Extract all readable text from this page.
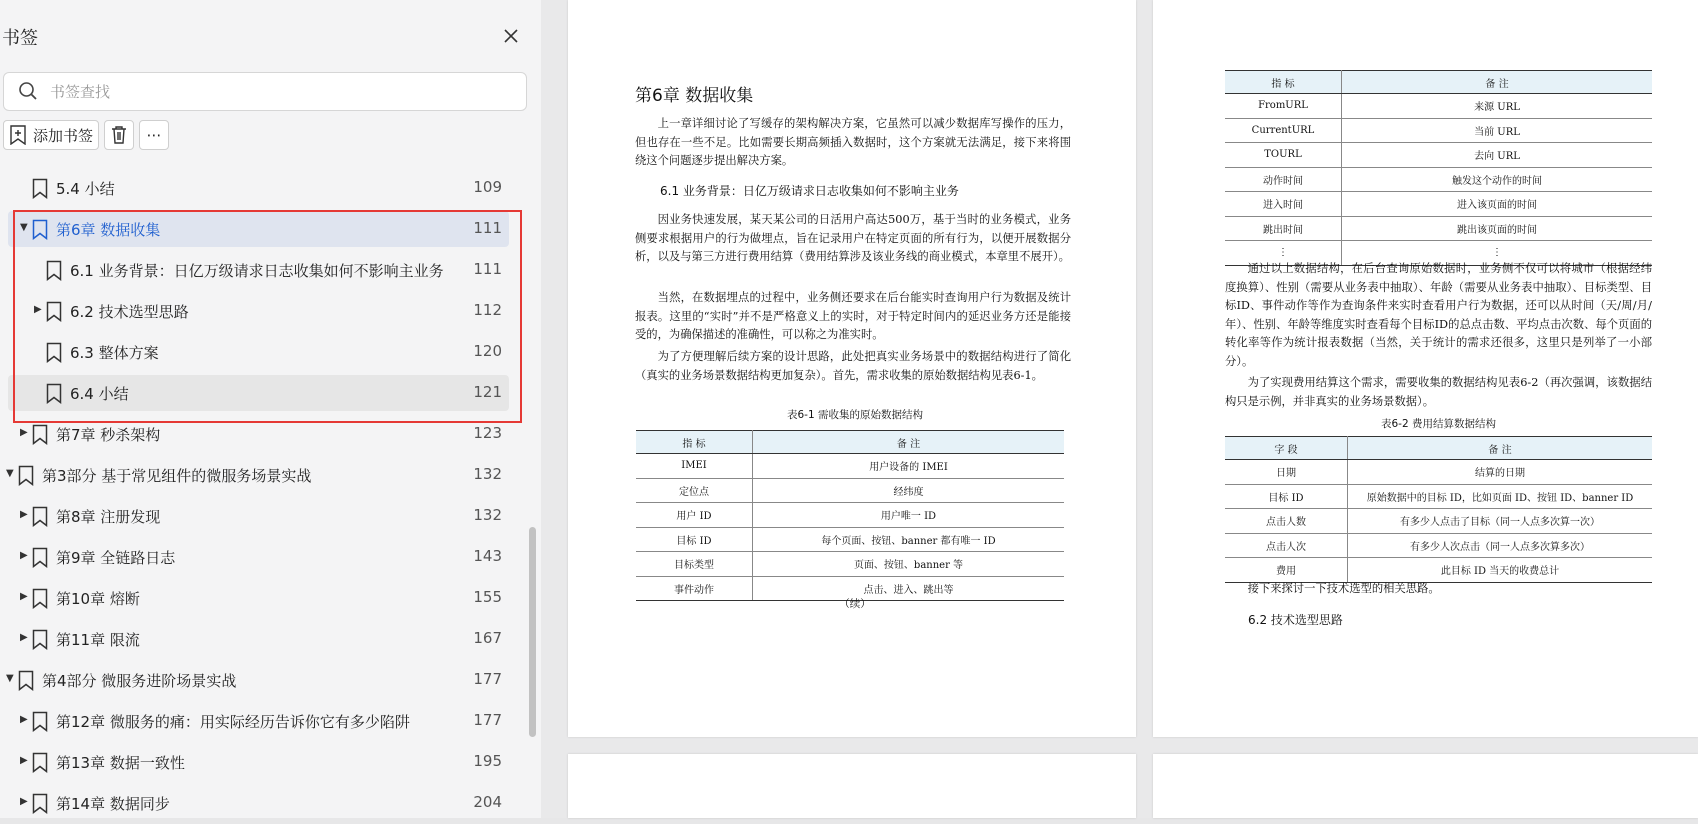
书签
书签查找
添加书签	⋯
5.4 小结	109
▼ 第6章 数据收集	111
6.1 业务背景：日亿万级请求日志收集如何不影响主业务 111
▶ 6.2 技术选型思路	112
6.3 整体方案	120
6.4 小结	121
▶ 第7章 秒杀架构	123
▼ 第3部分 基于常见组件的微服务场景实战	132
▶ 第8章 注册发现	132
▶ 第9章 全链路日志	143
▶ 第10章 熔断	155
▶ 第11章 限流	167
▼ 第4部分 微服务进阶场景实战	177
▶ 第12章 微服务的痛：用实际经历告诉你它有多少陷阱	177
▶ 第13章 数据一致性	195
▶ 第14章 数据同步	204
第6章 数据收集
上一章详细讨论了写缓存的架构解决方案，它虽然可以减少数据库写操作的压力，但也存在一些不足。比如需要长期高频插入数据时，这个方案就无法满足，接下来将围绕这个问题逐步提出解决方案。
6.1 业务背景：日亿万级请求日志收集如何不影响主业务
因业务快速发展，某天某公司的日活用户高达500万，基于当时的业务模式，业务侧要求根据用户的行为做埋点，旨在记录用户在特定页面的所有行为，以便开展数据分析，以及与第三方进行费用结算（费用结算涉及该业务线的商业模式，本章里不展开）。
当然，在数据埋点的过程中，业务侧还要求在后台能实时查询用户行为数据及统计报表。这里的“实时”并不是严格意义上的实时，对于特定时间内的延迟业务方还是能接受的，为确保描述的准确性，可以称之为准实时。
为了方便理解后续方案的设计思路，此处把真实业务场景中的数据结构进行了简化（真实的业务场景数据结构更加复杂）。首先，需求收集的原始数据结构见表6-1。
表6-1 需收集的原始数据结构
指 标	备 注
IMEI	用户设备的 IMEI
定位点	经纬度
用户 ID	用户唯一 ID
目标 ID	每个页面、按钮、banner 都有唯一 ID
目标类型	页面、按钮、banner 等
事件动作	点击、进入、跳出等
（续）
指 标	备 注
FromURL	来源 URL
CurrentURL	当前 URL
TOURL	去向 URL
动作时间	触发这个动作的时间
进入时间	进入该页面的时间
跳出时间	跳出该页面的时间
⋮	⋮
通过以上数据结构，在后台查询原始数据时，业务侧不仅可以将城市（根据经纬度换算）、性别（需要从业务表中抽取）、年龄（需要从业务表中抽取）、目标类型、目标ID、事件动作等作为查询条件来实时查看用户行为数据，还可以从时间（天/周/月/年）、性别、年龄等维度实时查看每个目标ID的总点击数、平均点击次数、每个页面的转化率等作为统计报表数据（当然，关于统计的需求还很多，这里只是列举了一小部分）。
为了实现费用结算这个需求，需要收集的数据结构见表6-2（再次强调，该数据结构只是示例，并非真实的业务场景数据）。
表6-2 费用结算数据结构
字 段	备 注
日期	结算的日期
目标 ID	原始数据中的目标 ID，比如页面 ID、按钮 ID、banner ID
点击人数	有多少人点击了目标（同一人点多次算一次）
点击人次	有多少人次点击（同一人点多次算多次）
费用	此目标 ID 当天的收费总计
接下来探讨一下技术选型的相关思路。
6.2 技术选型思路
